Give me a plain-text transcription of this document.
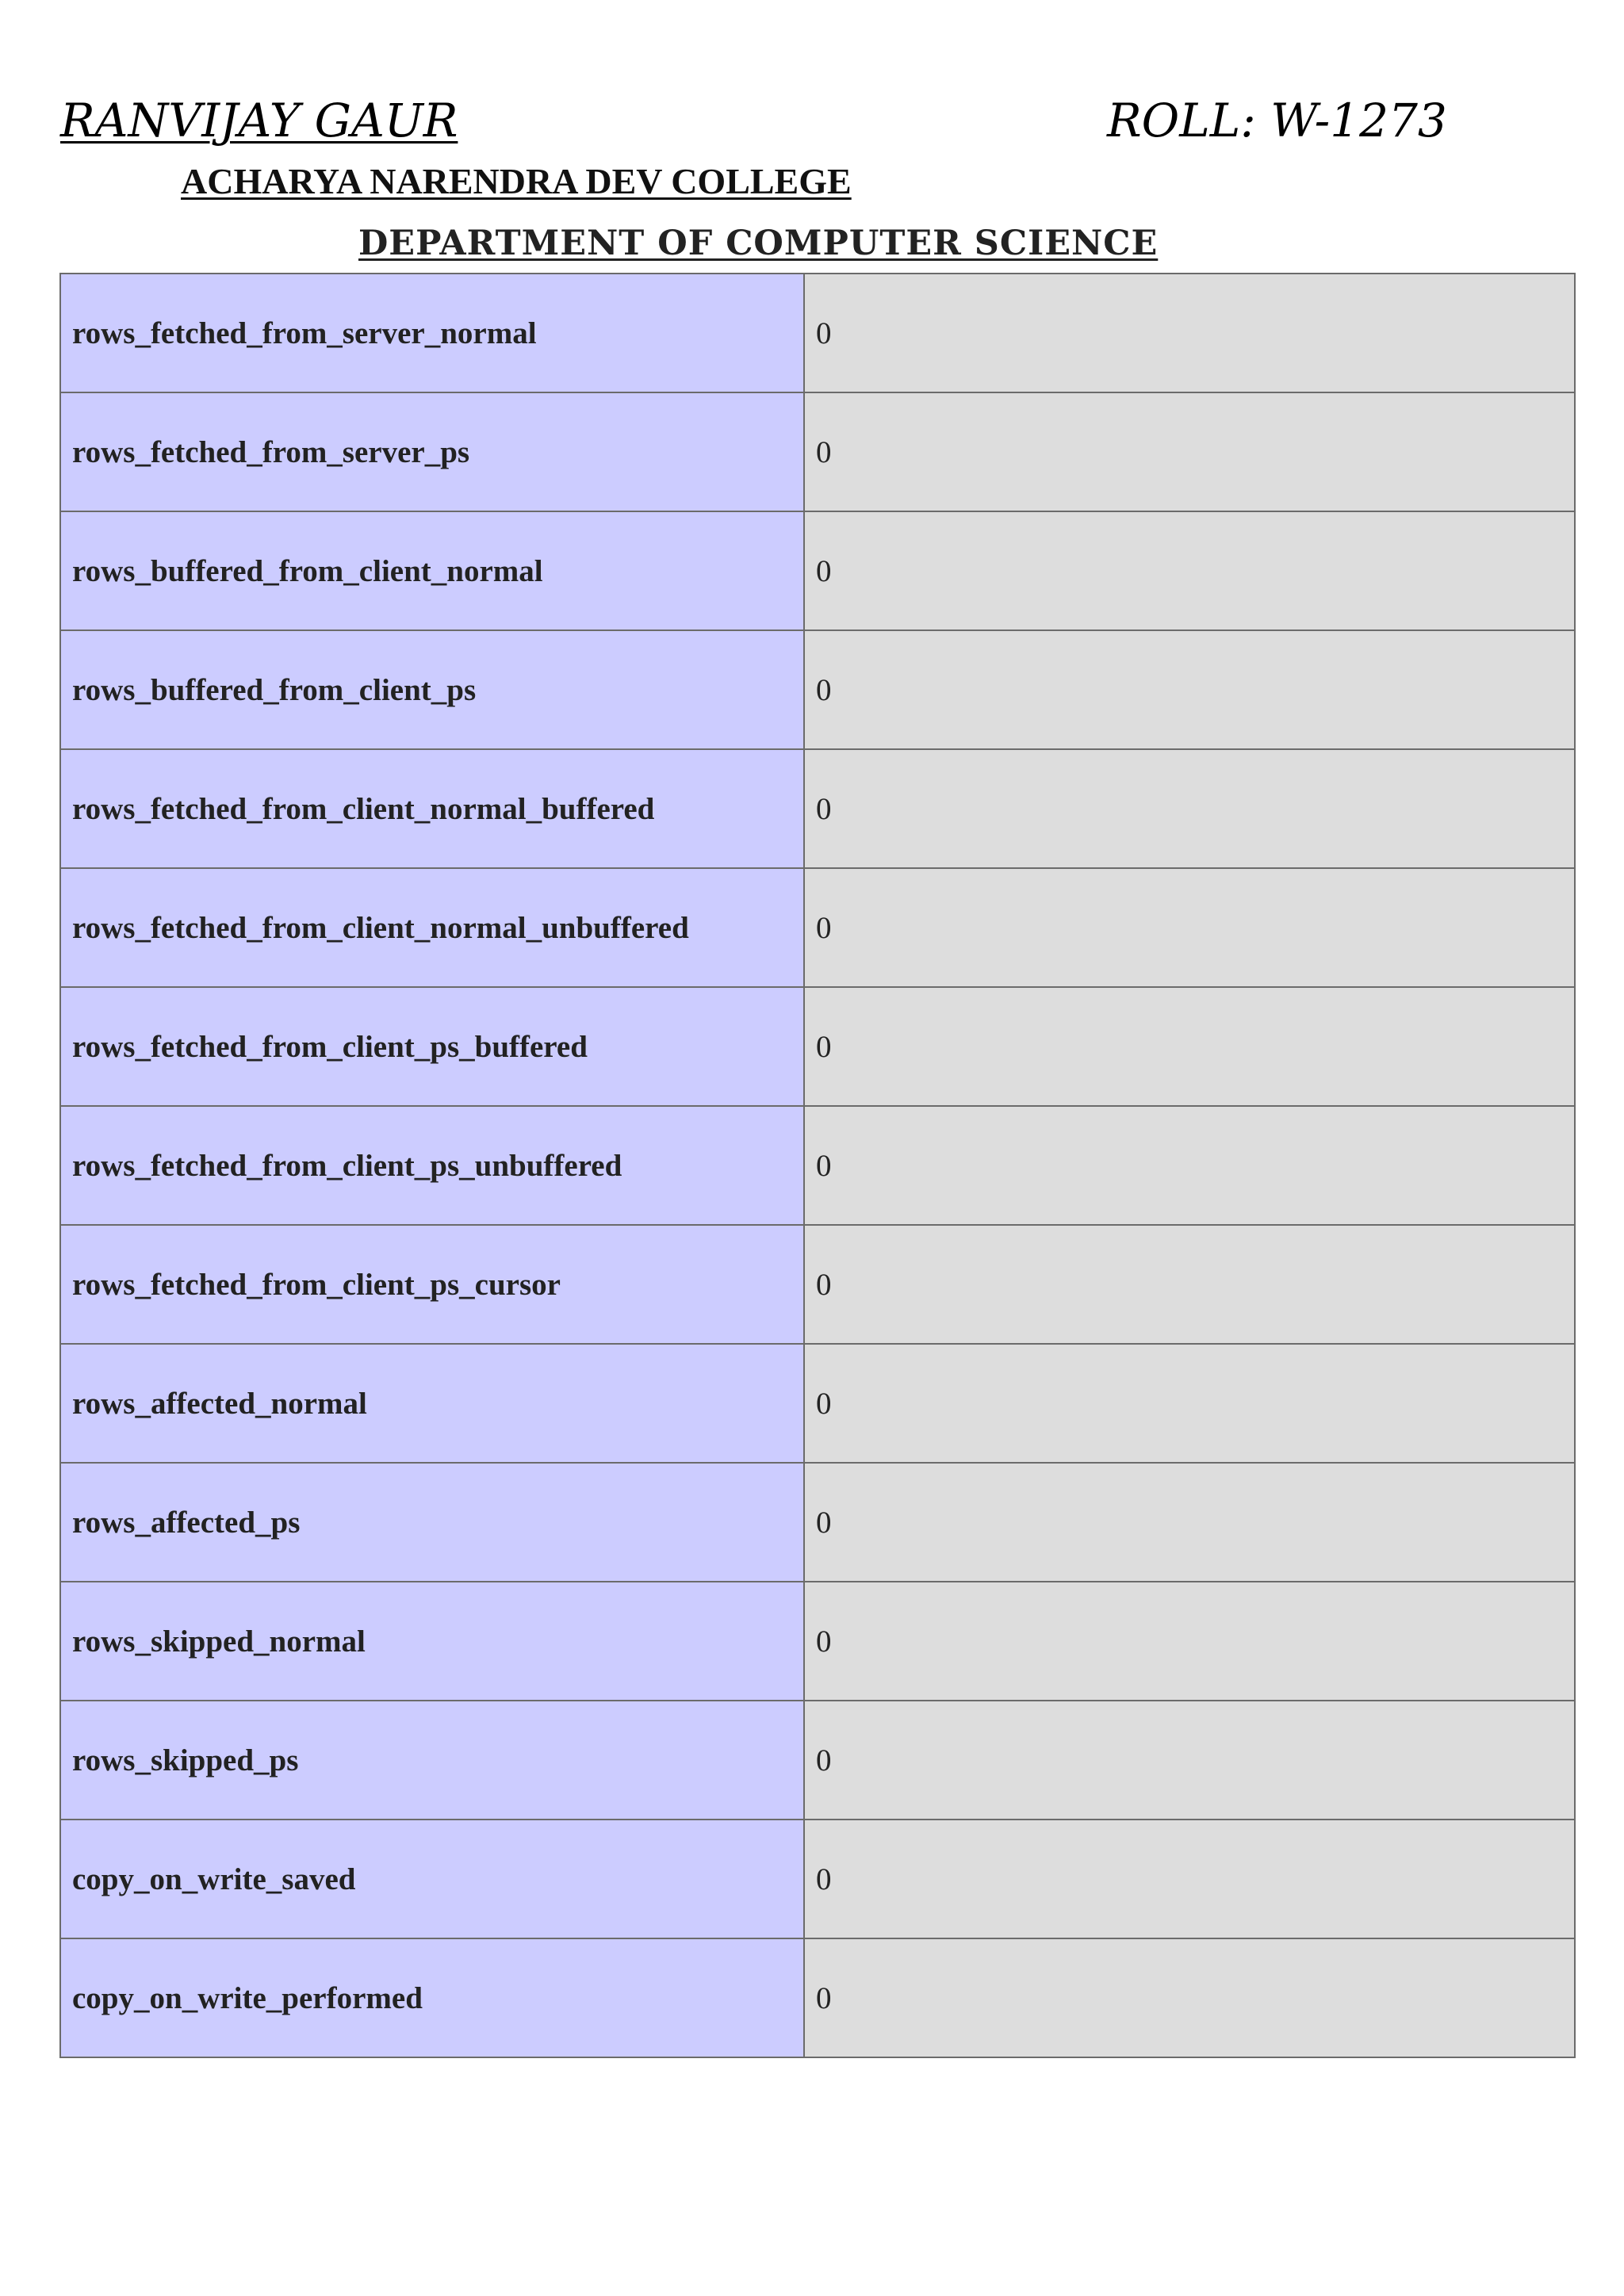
RANVIJAY GAUR	ROLL: W-1273
ACHARYA NARENDRA DEV COLLEGE
DEPARTMENT OF COMPUTER SCIENCE
rows_fetched_from_server_normal	0
rows_fetched_from_server_ps	0
rows_buffered_from_client_normal	0
rows_buffered_from_client_ps	0
rows_fetched_from_client_normal_buffered	0
rows_fetched_from_client_normal_unbuffered	0
rows_fetched_from_client_ps_buffered	0
rows_fetched_from_client_ps_unbuffered	0
rows_fetched_from_client_ps_cursor	0
rows_affected_normal	0
rows_affected_ps	0
rows_skipped_normal	0
rows_skipped_ps	0
copy_on_write_saved	0
copy_on_write_performed	0
